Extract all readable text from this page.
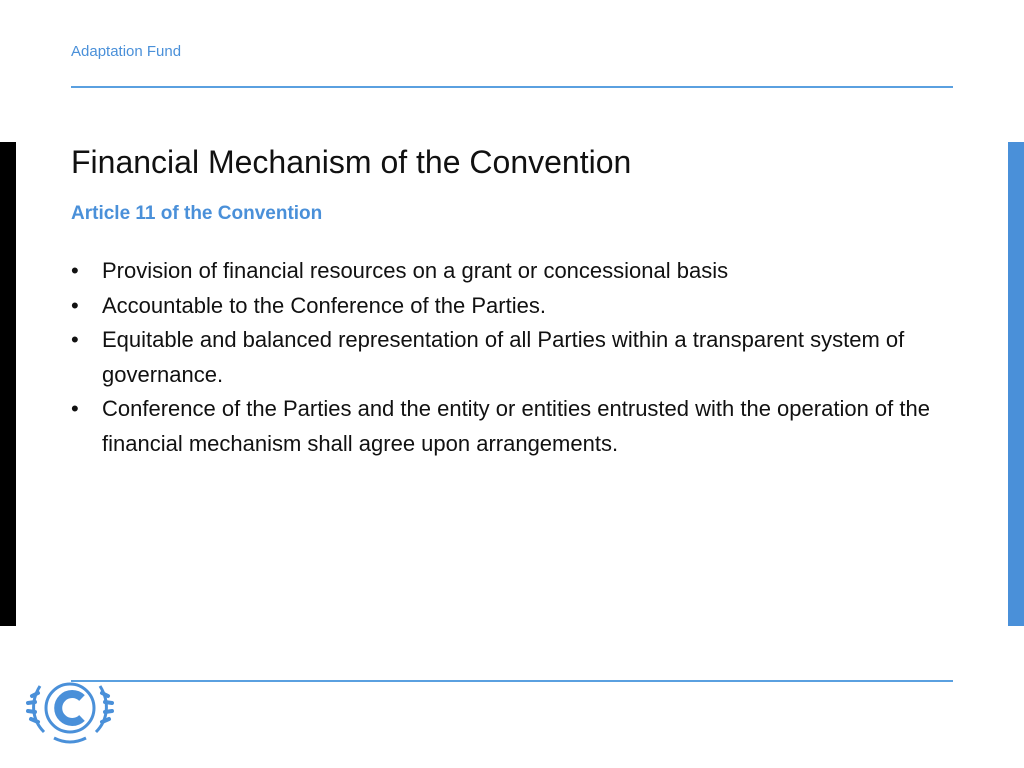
Adaptation Fund
Financial Mechanism of the Convention
Article 11 of the Convention
• Provision of financial resources on a grant or concessional basis
• Accountable to the Conference of the Parties.
• Equitable and balanced representation of all Parties within a transparent system of governance.
• Conference of the Parties and the entity or entities entrusted with the operation of the financial mechanism shall agree upon arrangements.
